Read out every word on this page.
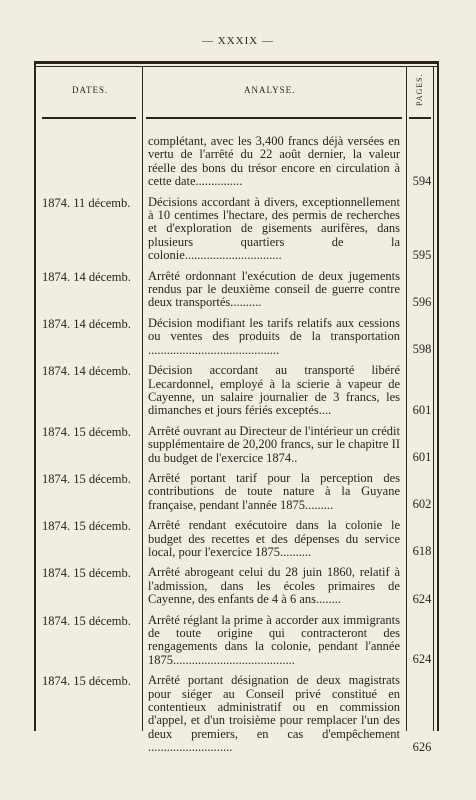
— XXXIX —
DATES.	ANALYSE.	PAGES.
complétant, avec les 3,400 francs déjà versées en vertu de l'arrêté du 22 août dernier, la valeur réelle des bons du trésor encore en circulation à cette date...............	594
1874. 11 décemb. Décisions accordant à divers, exceptionnellement à 10 centimes l'hectare, des permis de recherches et d'exploration de gisements aurifères, dans plusieurs quartiers de la colonie...............................	595
1874. 14 décemb. Arrêté ordonnant l'exécution de deux jugements rendus par le deuxième conseil de guerre contre deux transportés..........	596
1874. 14 décemb. Décision modifiant les tarifs relatifs aux cessions ou ventes des produits de la transportation ..........................................	598
1874. 14 décemb. Décision accordant au transporté libéré Lecardonnel, employé à la scierie à vapeur de Cayenne, un salaire journalier de 3 francs, les dimanches et jours fériés exceptés....	601
1874. 15 décemb. Arrêté ouvrant au Directeur de l'intérieur un crédit supplémentaire de 20,200 francs, sur le chapitre II du budget de l'exercice 1874..	601
1874. 15 décemb. Arrêté portant tarif pour la perception des contributions de toute nature à la Guyane française, pendant l'année 1875.........	602
1874. 15 décemb. Arrêté rendant exécutoire dans la colonie le budget des recettes et des dépenses du service local, pour l'exercice 1875..........	618
1874. 15 décemb. Arrêté abrogeant celui du 28 juin 1860, relatif à l'admission, dans les écoles primaires de Cayenne, des enfants de 4 à 6 ans........	624
1874. 15 décemb. Arrêté réglant la prime à accorder aux immigrants de toute origine qui contracteront des rengagements dans la colonie, pendant l'année 1875.......................................	624
1874. 15 décemb. Arrêté portant désignation de deux magistrats pour siéger au Conseil privé constitué en contentieux administratif ou en commission d'appel, et d'un troisième pour remplacer l'un des deux premiers, en cas d'empêchement ...........................	626
